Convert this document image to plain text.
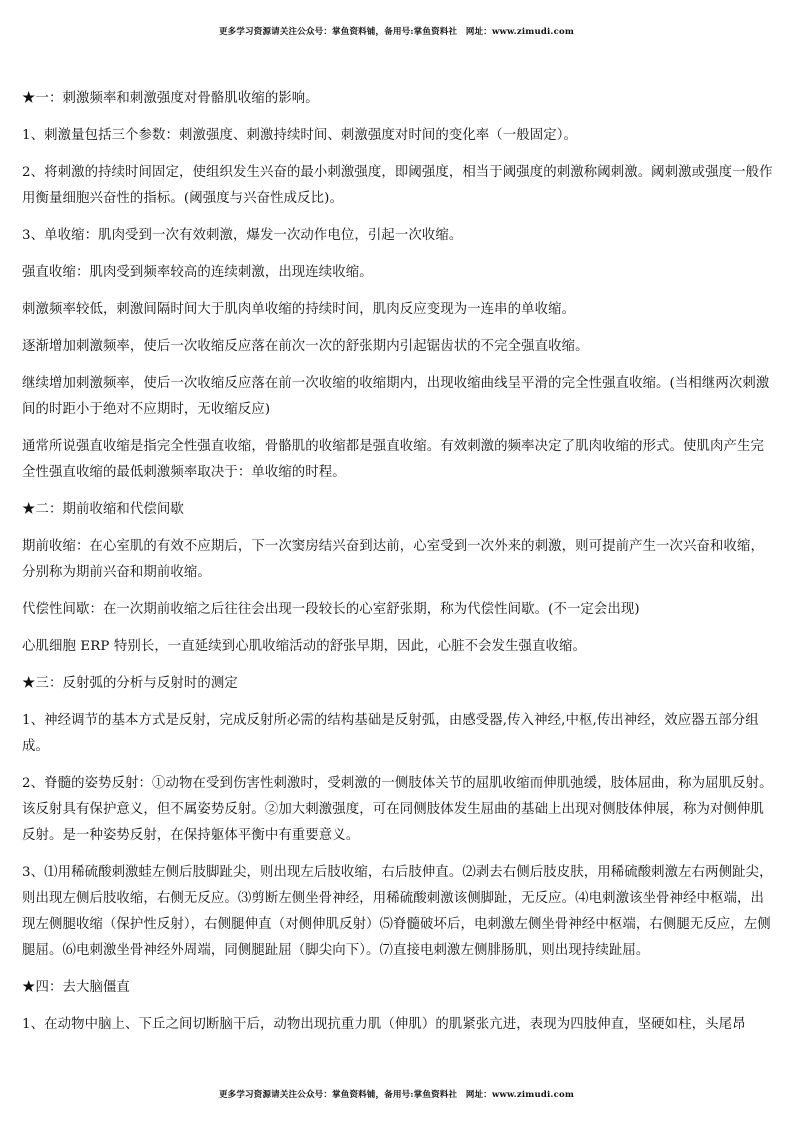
更多学习资源请关注公众号：掌鱼资料铺，备用号:掌鱼资料社　网址：www.zimudi.com

★一：刺激频率和刺激强度对骨骼肌收缩的影响。

1、刺激量包括三个参数：刺激强度、刺激持续时间、刺激强度对时间的变化率（一般固定）。

2、将刺激的持续时间固定，使组织发生兴奋的最小刺激强度，即阈强度，相当于阈强度的刺激称阈刺激。阈刺激或强度一般作用衡量细胞兴奋性的指标。(阈强度与兴奋性成反比)。

3、单收缩：肌肉受到一次有效刺激，爆发一次动作电位，引起一次收缩。

强直收缩：肌肉受到频率较高的连续刺激，出现连续收缩。

刺激频率较低，刺激间隔时间大于肌肉单收缩的持续时间，肌肉反应变现为一连串的单收缩。

逐渐增加刺激频率，使后一次收缩反应落在前次一次的舒张期内引起锯齿状的不完全强直收缩。

继续增加刺激频率，使后一次收缩反应落在前一次收缩的收缩期内，出现收缩曲线呈平滑的完全性强直收缩。(当相继两次刺激间的时距小于绝对不应期时，无收缩反应)

通常所说强直收缩是指完全性强直收缩，骨骼肌的收缩都是强直收缩。有效刺激的频率决定了肌肉收缩的形式。使肌肉产生完全性强直收缩的最低刺激频率取决于：单收缩的时程。

★二：期前收缩和代偿间歇

期前收缩：在心室肌的有效不应期后，下一次窦房结兴奋到达前，心室受到一次外来的刺激，则可提前产生一次兴奋和收缩，分别称为期前兴奋和期前收缩。

代偿性间歇：在一次期前收缩之后往往会出现一段较长的心室舒张期，称为代偿性间歇。(不一定会出现)

心肌细胞 ERP 特别长，一直延续到心肌收缩活动的舒张早期，因此，心脏不会发生强直收缩。

★三：反射弧的分析与反射时的测定

1、神经调节的基本方式是反射，完成反射所必需的结构基础是反射弧，由感受器,传入神经,中枢,传出神经，效应器五部分组成。

2、脊髓的姿势反射：①动物在受到伤害性刺激时，受刺激的一侧肢体关节的屈肌收缩而伸肌弛缓，肢体屈曲，称为屈肌反射。该反射具有保护意义，但不属姿势反射。②加大刺激强度，可在同侧肢体发生屈曲的基础上出现对侧肢体伸展，称为对侧伸肌反射。是一种姿势反射，在保持躯体平衡中有重要意义。

3、⑴用稀硫酸刺激蛙左侧后肢脚趾尖，则出现左后肢收缩，右后肢伸直。⑵剥去右侧后肢皮肤，用稀硫酸刺激左右两侧趾尖，则出现左侧后肢收缩，右侧无反应。⑶剪断左侧坐骨神经，用稀硫酸刺激该侧脚趾，无反应。⑷电刺激该坐骨神经中枢端，出现左侧腿收缩（保护性反射），右侧腿伸直（对侧伸肌反射）⑸脊髓破坏后，电刺激左侧坐骨神经中枢端，右侧腿无反应，左侧腿屈。⑹电刺激坐骨神经外周端，同侧腿趾屈（脚尖向下）。⑺直接电刺激左侧腓肠肌，则出现持续趾屈。

★四：去大脑僵直

1、在动物中脑上、下丘之间切断脑干后，动物出现抗重力肌（伸肌）的肌紧张亢进，表现为四肢伸直，坚硬如柱，头尾昂

更多学习资源请关注公众号：掌鱼资料铺，备用号:掌鱼资料社　网址：www.zimudi.com
